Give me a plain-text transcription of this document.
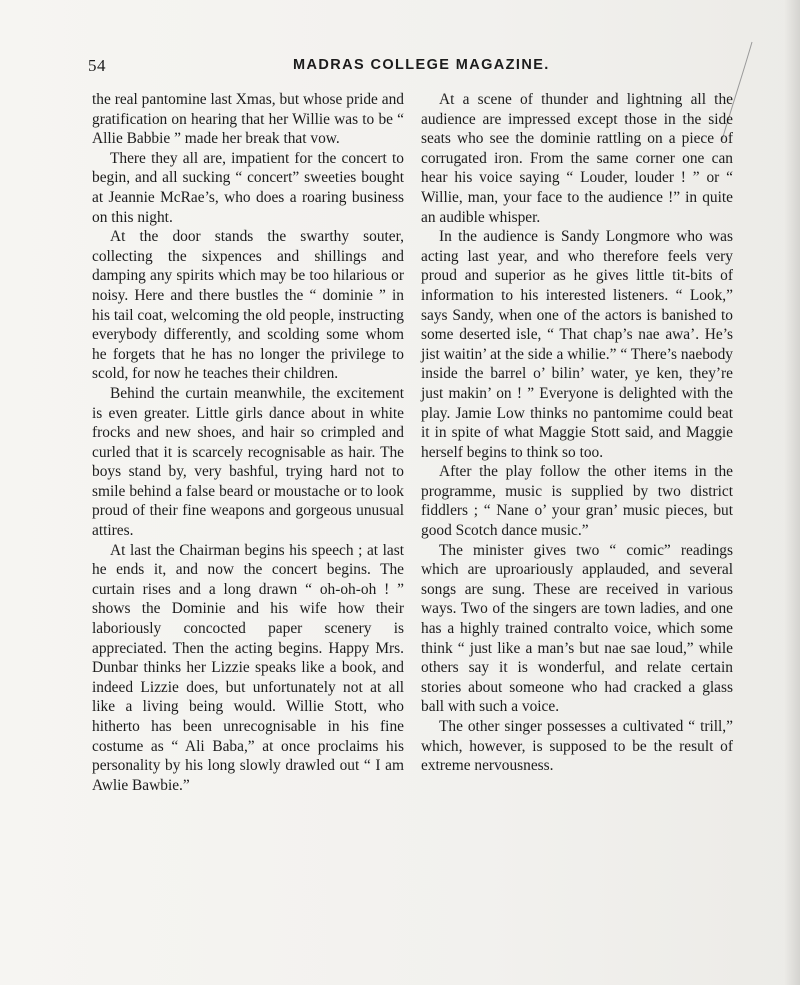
54	MADRAS COLLEGE MAGAZINE.

the real pantomine last Xmas, but whose pride and gratification on hearing that her Willie was to be “ Allie Babbie ” made her break that vow.

There they all are, impatient for the concert to begin, and all sucking “ concert” sweeties bought at Jeannie McRae’s, who does a roaring business on this night.

At the door stands the swarthy souter, collecting the sixpences and shillings and damping any spirits which may be too hilarious or noisy. Here and there bustles the “ dominie ” in his tail coat, welcoming the old people, instructing everybody differently, and scolding some whom he forgets that he has no longer the privilege to scold, for now he teaches their children.

Behind the curtain meanwhile, the excitement is even greater. Little girls dance about in white frocks and new shoes, and hair so crimpled and curled that it is scarcely recognisable as hair. The boys stand by, very bashful, trying hard not to smile behind a false beard or moustache or to look proud of their fine weapons and gorgeous unusual attires.

At last the Chairman begins his speech ; at last he ends it, and now the concert begins. The curtain rises and a long drawn “ oh-oh-oh ! ” shows the Dominie and his wife how their laboriously concocted paper scenery is appreciated. Then the acting begins. Happy Mrs. Dunbar thinks her Lizzie speaks like a book, and indeed Lizzie does, but unfortunately not at all like a living being would. Willie Stott, who hitherto has been unrecognisable in his fine costume as “ Ali Baba,” at once proclaims his personality by his long slowly drawled out “ I am Awlie Bawbie.”

At a scene of thunder and lightning all the audience are impressed except those in the side seats who see the dominie rattling on a piece of corrugated iron. From the same corner one can hear his voice saying “ Louder, louder ! ” or “ Willie, man, your face to the audience !” in quite an audible whisper.

In the audience is Sandy Longmore who was acting last year, and who therefore feels very proud and superior as he gives little tit-bits of information to his interested listeners. “ Look,” says Sandy, when one of the actors is banished to some deserted isle, “ That chap’s nae awa’. He’s jist waitin’ at the side a whilie.” “ There’s naebody inside the barrel o’ bilin’ water, ye ken, they’re just makin’ on ! ” Everyone is delighted with the play. Jamie Low thinks no pantomime could beat it in spite of what Maggie Stott said, and Maggie herself begins to think so too.

After the play follow the other items in the programme, music is supplied by two district fiddlers ; “ Nane o’ your gran’ music pieces, but good Scotch dance music.”

The minister gives two “ comic” readings which are uproariously applauded, and several songs are sung. These are received in various ways. Two of the singers are town ladies, and one has a highly trained contralto voice, which some think “ just like a man’s but nae sae loud,” while others say it is wonderful, and relate certain stories about someone who had cracked a glass ball with such a voice.

The other singer possesses a cultivated “ trill,” which, however, is supposed to be the result of extreme nervousness.
